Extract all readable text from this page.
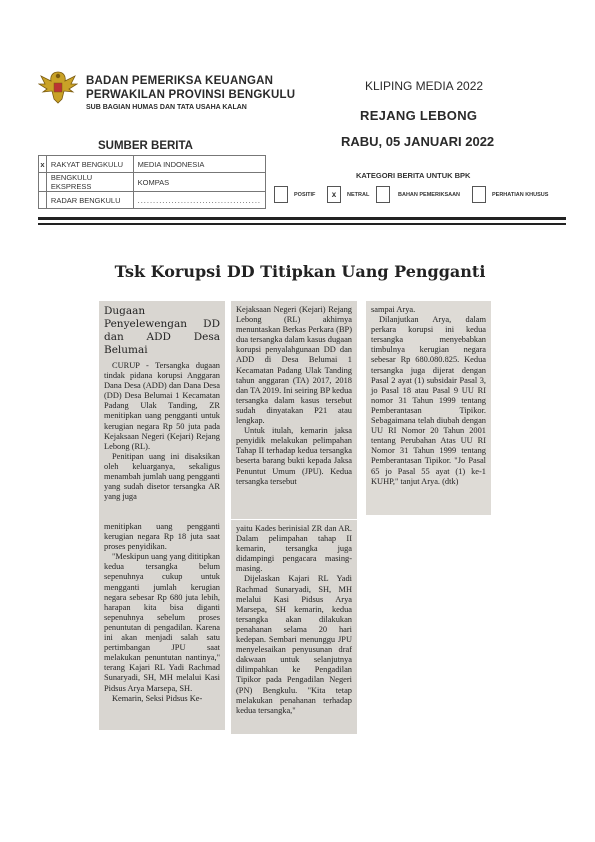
BADAN PEMERIKSA KEUANGAN
PERWAKILAN PROVINSI BENGKULU
SUB BAGIAN HUMAS DAN TATA USAHA KALAN
KLIPING MEDIA 2022
REJANG LEBONG
RABU, 05 JANUARI 2022
SUMBER BERITA
x	RAKYAT BENGKULU	MEDIA INDONESIA
	BENGKULU EKSPRESS	KOMPAS
	RADAR BENGKULU	........................................
KATEGORI BERITA UNTUK BPK
POSITIF	x	NETRAL	BAHAN PEMERIKSAAN	PERHATIAN KHUSUS
Tsk Korupsi DD Titipkan Uang Pengganti
Dugaan Penyelewengan DD dan ADD Desa Belumai

CURUP - Tersangka dugaan tindak pidana korupsi Anggaran Dana Desa (ADD) dan Dana Desa (DD) Desa Belumai 1 Kecamatan Padang Ulak Tanding, ZR menitipkan uang pengganti untuk kerugian negara Rp 50 juta pada Kejaksaan Negeri (Kejari) Rejang Lebong (RL).

Penitipan uang ini disaksikan oleh keluarganya, sekaligus menambah jumlah uang pengganti yang sudah disetor tersangka AR yang juga

Kejaksaan Negeri (Kejari) Rejang Lebong (RL) akhirnya menuntaskan Berkas Perkara (BP) dua tersangka dalam kasus dugaan korupsi penyalahgunaan DD dan ADD di Desa Belumai 1 Kecamatan Padang Ulak Tanding tahun anggaran (TA) 2017, 2018 dan TA 2019. Ini seiring BP kedua tersangka dalam kasus tersebut sudah dinyatakan P21 atau lengkap.

Untuk itulah, kemarin jaksa penyidik melakukan pelimpahan Tahap II terhadap kedua tersangka beserta barang bukti kepada Jaksa Penuntut Umum (JPU). Kedua tersangka tersebut

sampai Arya.

Dilanjutkan Arya, dalam perkara korupsi ini kedua tersangka menyebabkan timbulnya kerugian negara sebesar Rp 680.080.825. Kedua tersangka juga dijerat dengan Pasal 2 ayat (1) subsidair Pasal 3, jo Pasal 18 atau Pasal 9 UU RI nomor 31 Tahun 1999 tentang Pemberantasan Tipikor. Sebagaimana telah diubah dengan UU RI Nomor 20 Tahun 2001 tentang Perubahan Atas UU RI Nomor 31 Tahun 1999 tentang Pemberantasan Tipikor. "Jo Pasal 65 jo Pasal 55 ayat (1) ke-1 KUHP," tanjut Arya. (dtk)

menitipkan uang pengganti kerugian negara Rp 18 juta saat proses penyidikan.

"Meskipun uang yang dititipkan kedua tersangka belum sepenuhnya cukup untuk mengganti jumlah kerugian negara sebesar Rp 680 juta lebih, harapan kita bisa diganti sepenuhnya sebelum proses penuntutan di pengadilan. Karena ini akan menjadi salah satu pertimbangan JPU saat melakukan penuntutan nantinya," terang Kajari RL Yadi Rachmad Sunaryadi, SH, MH melalui Kasi Pidsus Arya Marsepa, SH.

Kemarin, Seksi Pidsus Ke-

yaitu Kades berinisial ZR dan AR. Dalam pelimpahan tahap II kemarin, tersangka juga didampingi pengacara masing-masing.

Dijelaskan Kajari RL Yadi Rachmad Sunaryadi, SH, MH melalui Kasi Pidsus Arya Marsepa, SH kemarin, kedua tersangka akan dilakukan penahanan selama 20 hari kedepan. Sembari menunggu JPU menyelesaikan penyusunan draf dakwaan untuk selanjutnya dilimpahkan ke Pengadilan Tipikor pada Pengadilan Negeri (PN) Bengkulu. "Kita tetap melakukan penahanan terhadap kedua tersangka,"
